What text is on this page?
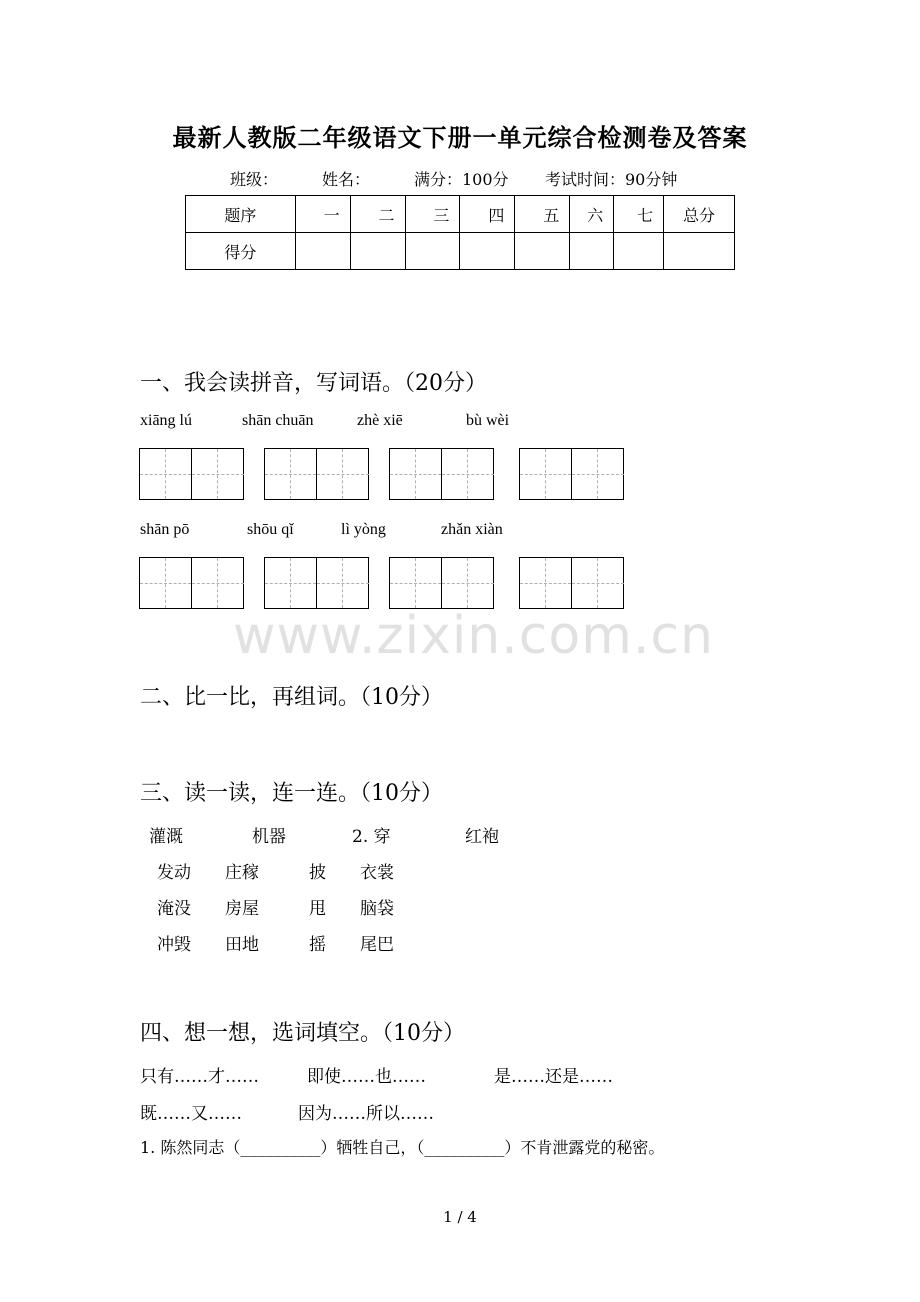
最新人教版二年级语文下册一单元综合检测卷及答案
班级：	姓名：	满分：100分 考试时间：90分钟
题序	一	二	三	四	五	六	七	总分
得分								
一、我会读拼音，写词语。（20分）
xiāng lú	shān chuān	zhè xiē	bù wèi
shān pō	shōu qǐ	lì yòng	zhǎn xiàn
www.zixin.com.cn
二、比一比，再组词。（10分）
三、读一读，连一连。（10分）
灌溉	机器	2. 穿	红袍
发动 庄稼	披 衣裳
淹没 房屋	甩 脑袋
冲毁 田地	摇 尾巴
四、想一想，选词填空。（10分）
只有……才……	即使……也……	是……还是……
既……又……	因为……所以……
1. 陈然同志（__________）牺牲自己，（__________）不肯泄露党的秘密。
1 / 4
